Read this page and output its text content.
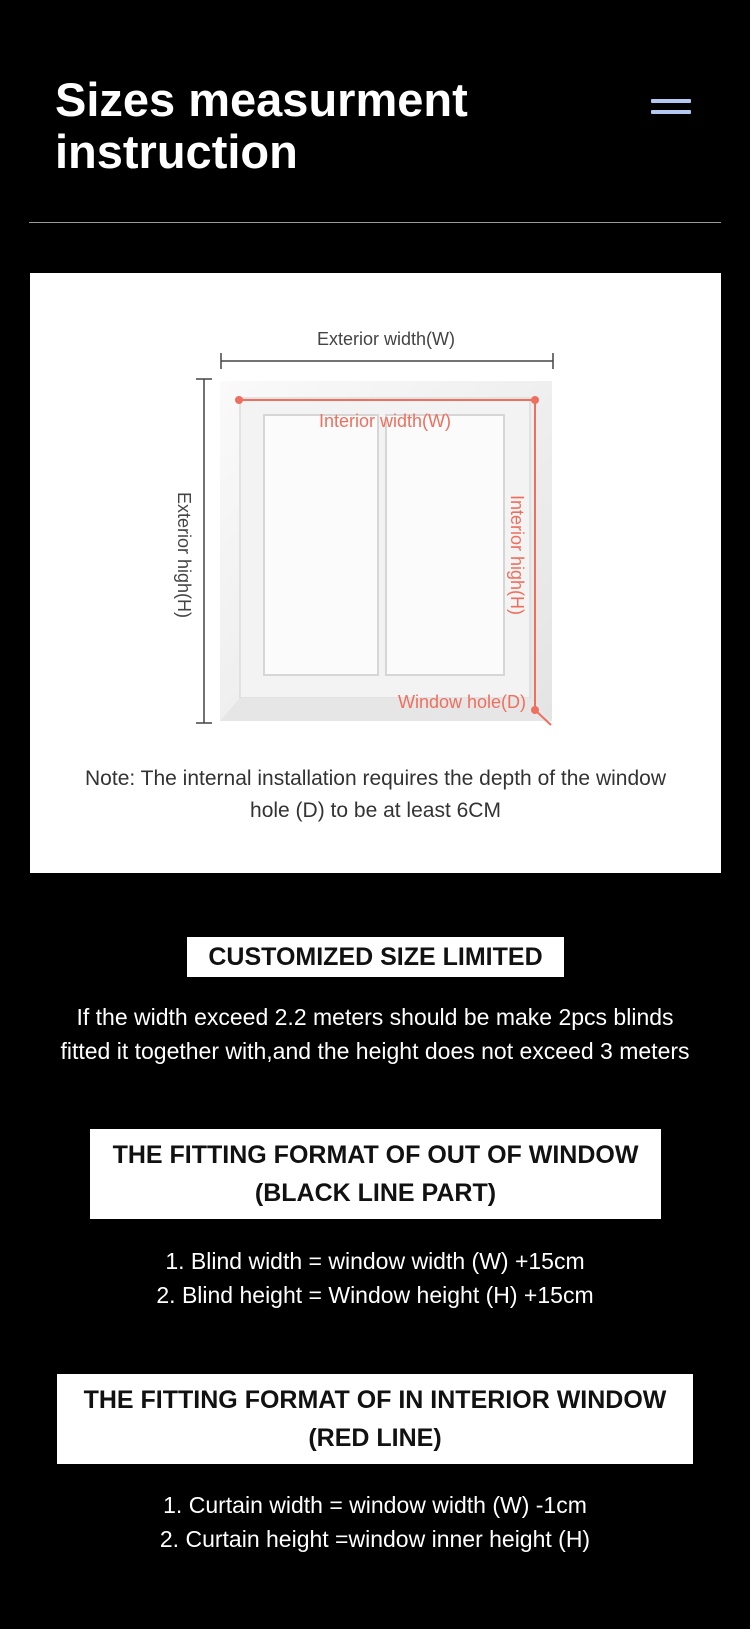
Sizes measurment instruction
Exterior width(W)
Exterior high(H)
Interior width(W)
Interior high(H)
Window hole(D)
Note: The internal installation requires the depth of the window hole (D) to be at least 6CM
CUSTOMIZED SIZE LIMITED
If the width exceed 2.2 meters should be make 2pcs blinds
fitted it together with,and the height does not exceed 3 meters
THE FITTING FORMAT OF OUT OF WINDOW
(BLACK LINE PART)
1. Blind width = window width (W) +15cm
2. Blind height = Window height (H) +15cm
THE FITTING FORMAT OF IN INTERIOR WINDOW
(RED LINE)
1. Curtain width = window width (W) -1cm
2. Curtain height =window inner height (H)
